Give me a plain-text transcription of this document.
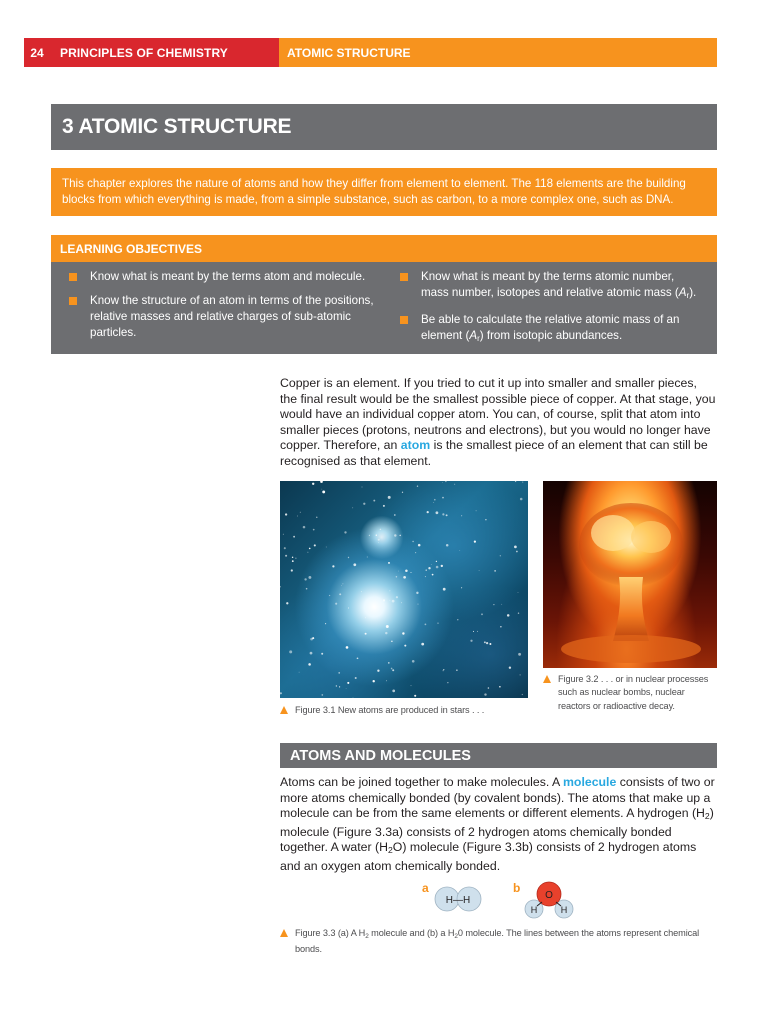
24	PRINCIPLES OF CHEMISTRY	ATOMIC STRUCTURE
3 ATOMIC STRUCTURE
This chapter explores the nature of atoms and how they differ from element to element. The 118 elements are the building blocks from which everything is made, from a simple substance, such as carbon, to a more complex one, such as DNA.
LEARNING OBJECTIVES
Know what is meant by the terms atom and molecule.
Know the structure of an atom in terms of the positions, relative masses and relative charges of sub-atomic particles.
Know what is meant by the terms atomic number, mass number, isotopes and relative atomic mass $(A_r)$.
Be able to calculate the relative atomic mass of an element $(A_r)$ from isotopic abundances.

Copper is an element. If you tried to cut it up into smaller and smaller pieces, the final result would be the smallest possible piece of copper. At that stage, you would have an individual copper atom. You can, of course, split that atom into smaller pieces (protons, neutrons and electrons), but you would no longer have copper. Therefore, an atom is the smallest piece of an element that can still be recognised as that element.

Figure 3.1 New atoms are produced in stars . . .
Figure 3.2 . . . or in nuclear processes such as nuclear bombs, nuclear reactors or radioactive decay.
ATOMS AND MOLECULES

Atoms can be joined together to make molecules. A molecule consists of two or more atoms chemically bonded (by covalent bonds). The atoms that make up a molecule can be from the same elements or different elements. A hydrogen $(H_2)$ molecule (Figure 3.3a) consists of 2 hydrogen atoms chemically bonded together. A water $(H_2O)$ molecule (Figure 3.3b) consists of 2 hydrogen atoms and an oxygen atom chemically bonded.

a	b
H—H	O
H	H
Figure 3.3 (a) A $H_2$ molecule and (b) a $H_20$ molecule. The lines between the atoms represent chemical bonds.
